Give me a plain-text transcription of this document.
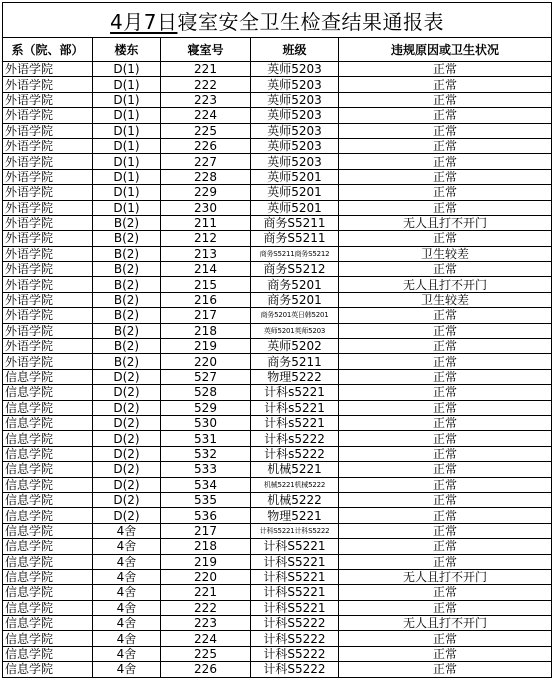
4月7日寝室安全卫生检查结果通报表				
系（院、部）	楼东	寝室号	班级	违规原因或卫生状况
外语学院	D(1)	221	英师5203	正常
外语学院	D(1)	222	英师5203	正常
外语学院	D(1)	223	英师5203	正常
外语学院	D(1)	224	英师5203	正常
外语学院	D(1)	225	英师5203	正常
外语学院	D(1)	226	英师5203	正常
外语学院	D(1)	227	英师5203	正常
外语学院	D(1)	228	英师5201	正常
外语学院	D(1)	229	英师5201	正常
外语学院	D(1)	230	英师5201	正常
外语学院	B(2)	211	商务S5211	无人且打不开门
外语学院	B(2)	212	商务S5211	正常
外语学院	B(2)	213	商务S5211商务S5212	卫生较差
外语学院	B(2)	214	商务S5212	正常
外语学院	B(2)	215	商务5201	无人且打不开门
外语学院	B(2)	216	商务5201	卫生较差
外语学院	B(2)	217	商务5201英日韩5201	正常
外语学院	B(2)	218	英师5201英师5203	正常
外语学院	B(2)	219	英师5202	正常
外语学院	B(2)	220	商务5211	正常
信息学院	D(2)	527	物理5222	正常
信息学院	D(2)	528	计科s5221	正常
信息学院	D(2)	529	计科s5221	正常
信息学院	D(2)	530	计科s5221	正常
信息学院	D(2)	531	计科s5222	正常
信息学院	D(2)	532	计科s5222	正常
信息学院	D(2)	533	机械5221	正常
信息学院	D(2)	534	机械5221机械5222	正常
信息学院	D(2)	535	机械5222	正常
信息学院	D(2)	536	物理5221	正常
信息学院	4舍	217	计科S5221计科S5222	正常
信息学院	4舍	218	计科S5221	正常
信息学院	4舍	219	计科S5221	正常
信息学院	4舍	220	计科S5221	无人且打不开门
信息学院	4舍	221	计科S5221	正常
信息学院	4舍	222	计科S5221	正常
信息学院	4舍	223	计科S5222	无人且打不开门
信息学院	4舍	224	计科S5222	正常
信息学院	4舍	225	计科S5222	正常
信息学院	4舍	226	计科S5222	正常
